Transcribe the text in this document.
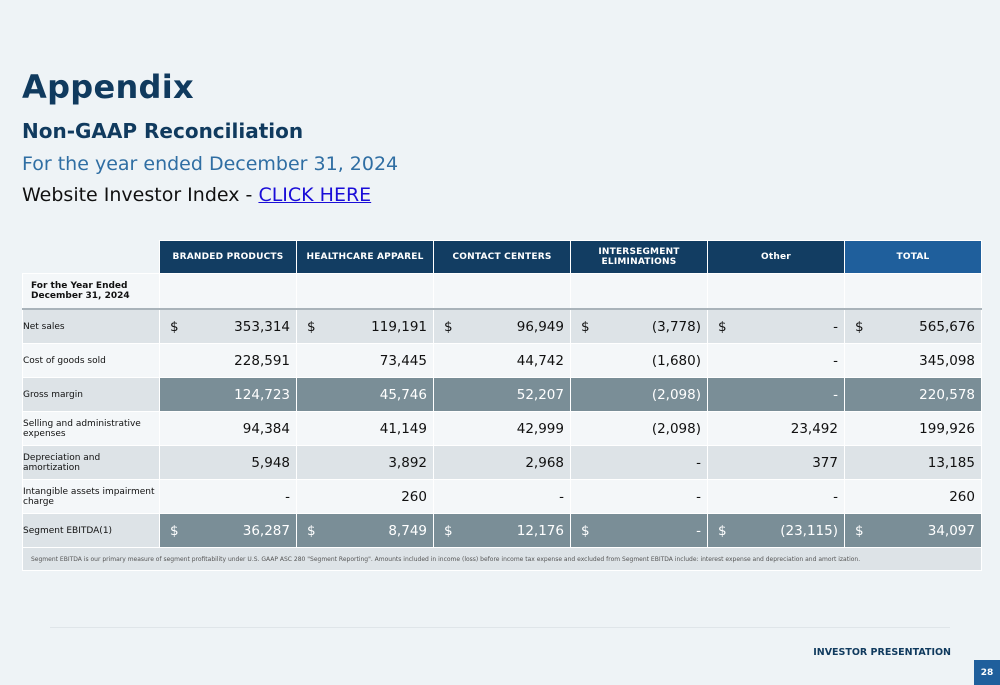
Appendix
Non-GAAP Reconciliation

For the year ended December 31, 2024

Website Investor Index - CLICK HERE

	BRANDED PRODUCTS	HEALTHCARE APPAREL	CONTACT CENTERS	INTERSEGMENT ELIMINATIONS	Other	TOTAL
For the Year Ended December 31, 2024						
Net sales	$ 353,314	$ 119,191	$ 96,949	$ (3,778)	$ -	$ 565,676

Cost of goods sold	228,591	73,445	44,742	(1,680)	-	345,098

Gross margin	124,723	45,746	52,207	(2,098)	-	220,578

Selling and administrative expenses	94,384	41,149	42,999	(2,098)	23,492	199,926

Depreciation and amortization	5,948	3,892	2,968	-	377	13,185

Intangible assets impairment charge	-	260	-	-	-	260

Segment EBITDA(1)	$ 36,287	$ 8,749	$ 12,176	$ -	$ (23,115)	$ 34,097

Segment EBITDA is our primary measure of segment profitability under U.S. GAAP ASC 280 "Segment Reporting". Amounts included in income (loss) before income tax expense and excluded from Segment EBITDA include: interest expense and depreciation and amort ization.						

INVESTOR PRESENTATION

28
